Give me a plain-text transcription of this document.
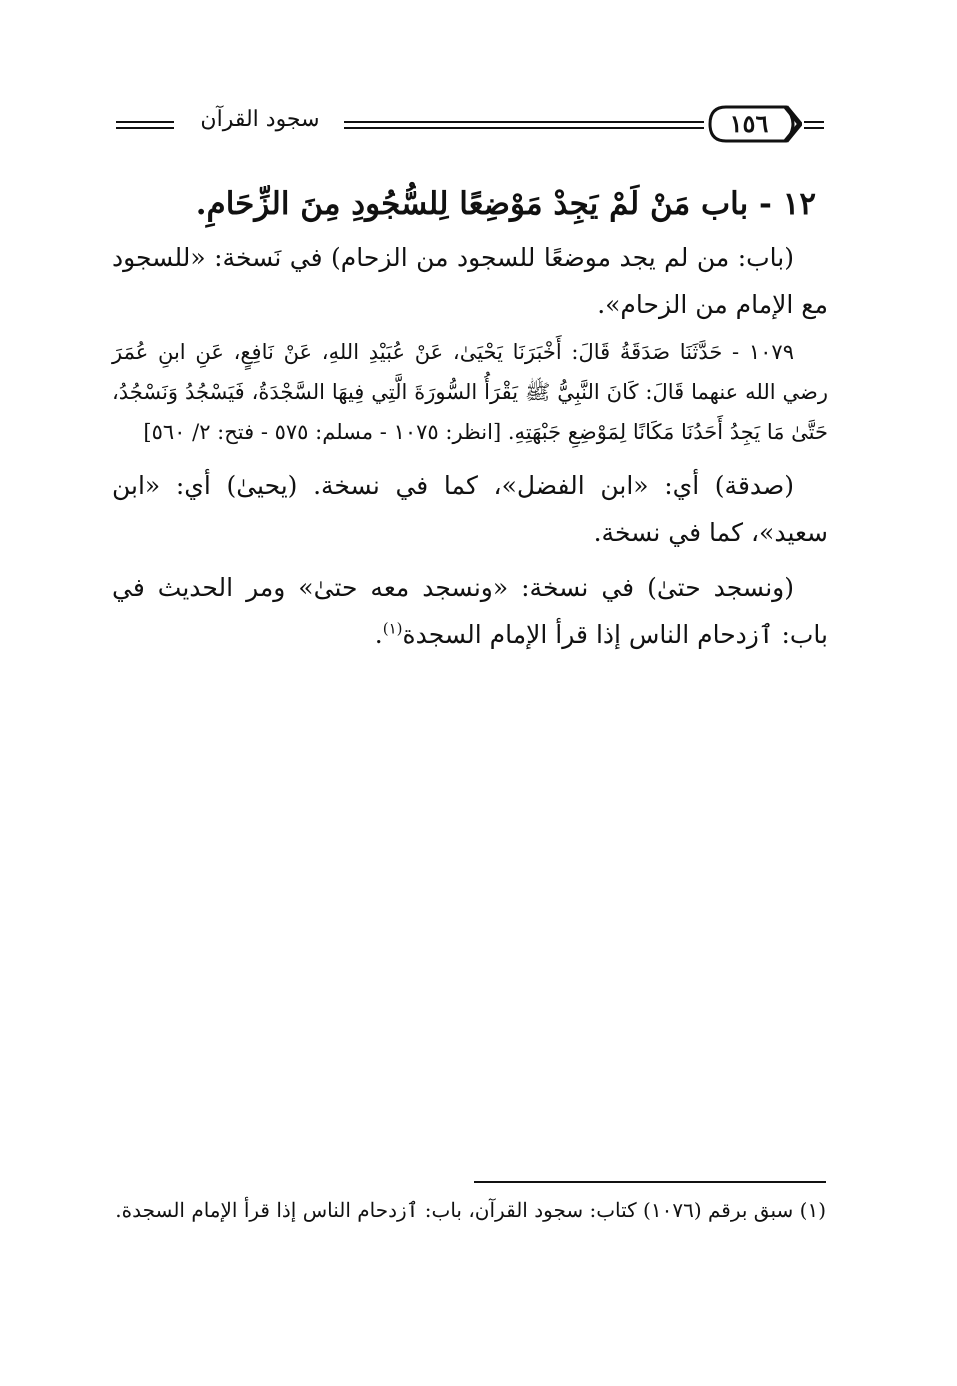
سجود القرآن	١٥٦
١٢ - باب مَنْ لَمْ يَجِدْ مَوْضِعًا لِلسُّجُودِ مِنَ الزِّحَامِ.

(باب: من لم يجد موضعًا للسجود من الزحام) في نَسخة: «للسجود مع الإمام من الزحام».

١٠٧٩ - حَدَّثَنَا صَدَقَةُ قَالَ: أَخْبَرَنَا يَحْيَىٰ، عَنْ عُبَيْدِ اللهِ، عَنْ نَافِعٍ، عَنِ ابنِ عُمَرَ رضي الله عنهما قَالَ: كَانَ النَّبِيُّ ﷺ يَقْرَأُ السُّورَةَ الَّتِي فِيهَا السَّجْدَةُ، فَيَسْجُدُ وَنَسْجُدُ، حَتَّىٰ مَا يَجِدُ أَحَدُنَا مَكَانًا لِمَوْضِعِ جَبْهَتِهِ. [انظر: ١٠٧٥ - مسلم: ٥٧٥ - فتح: ٢/ ٥٦٠]

(صدقة) أي: «ابن الفضل»، كما في نسخة. (يحيىٰ) أي: «ابن سعيد»، كما في نسخة.

(ونسجد حتىٰ) في نسخة: «ونسجد معه حتىٰ» ومر الحديث في باب: ٱزدحام الناس إذا قرأ الإمام السجدة$^{(١)}$.

(١) سبق برقم (١٠٧٦) كتاب: سجود القرآن، باب: ٱزدحام الناس إذا قرأ الإمام السجدة.
